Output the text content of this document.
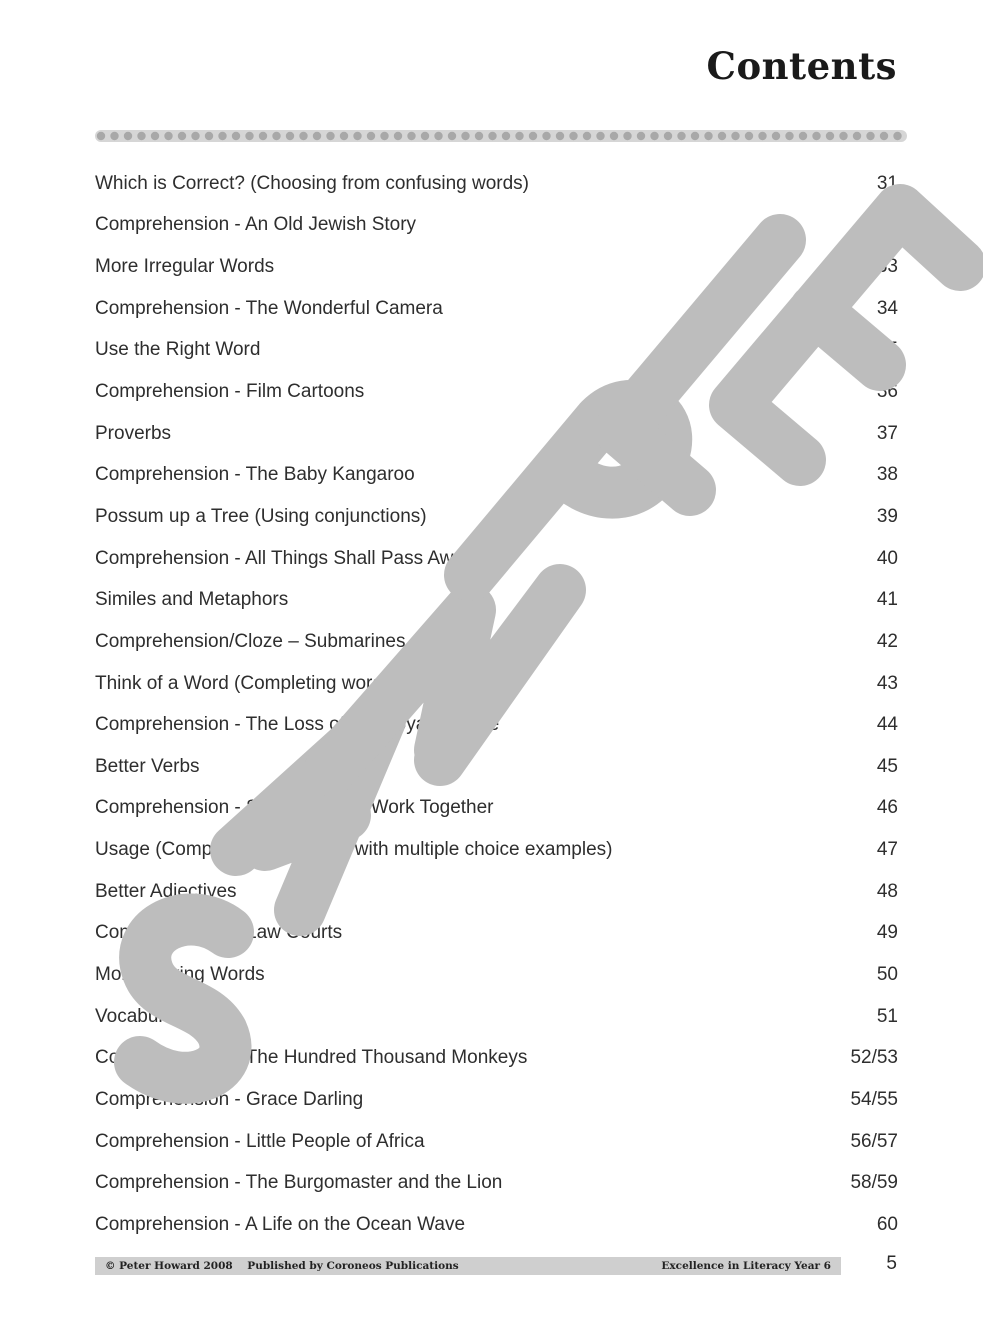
Contents
Which is Correct? (Choosing from confusing words)	31
Comprehension - An Old Jewish Story	32
More Irregular Words	33
Comprehension - The Wonderful Camera	34
Use the Right Word	35
Comprehension - Film Cartoons	36
Proverbs	37
Comprehension - The Baby Kangaroo	38
Possum up a Tree (Using conjunctions)	39
Comprehension - All Things Shall Pass Away	40
Similes and Metaphors	41
Comprehension/Cloze – Submarines	42
Think of a Word (Completing words from clues)	43
Comprehension - The Loss of the Royal George	44
Better Verbs	45
Comprehension - Sun and Wind Work Together	46
Usage (Completing sentences with multiple choice examples)	47
Better Adjectives	48
Comprehension - Law Courts	49
More Making Words	50
Vocabulary	51
Comprehension - The Hundred Thousand Monkeys	52/53
Comprehension - Grace Darling	54/55
Comprehension - Little People of Africa	56/57
Comprehension - The Burgomaster and the Lion	58/59
Comprehension - A Life on the Ocean Wave	60
© Peter Howard 2008    Published by Coroneos Publications	Excellence in Literacy Year 6	5
